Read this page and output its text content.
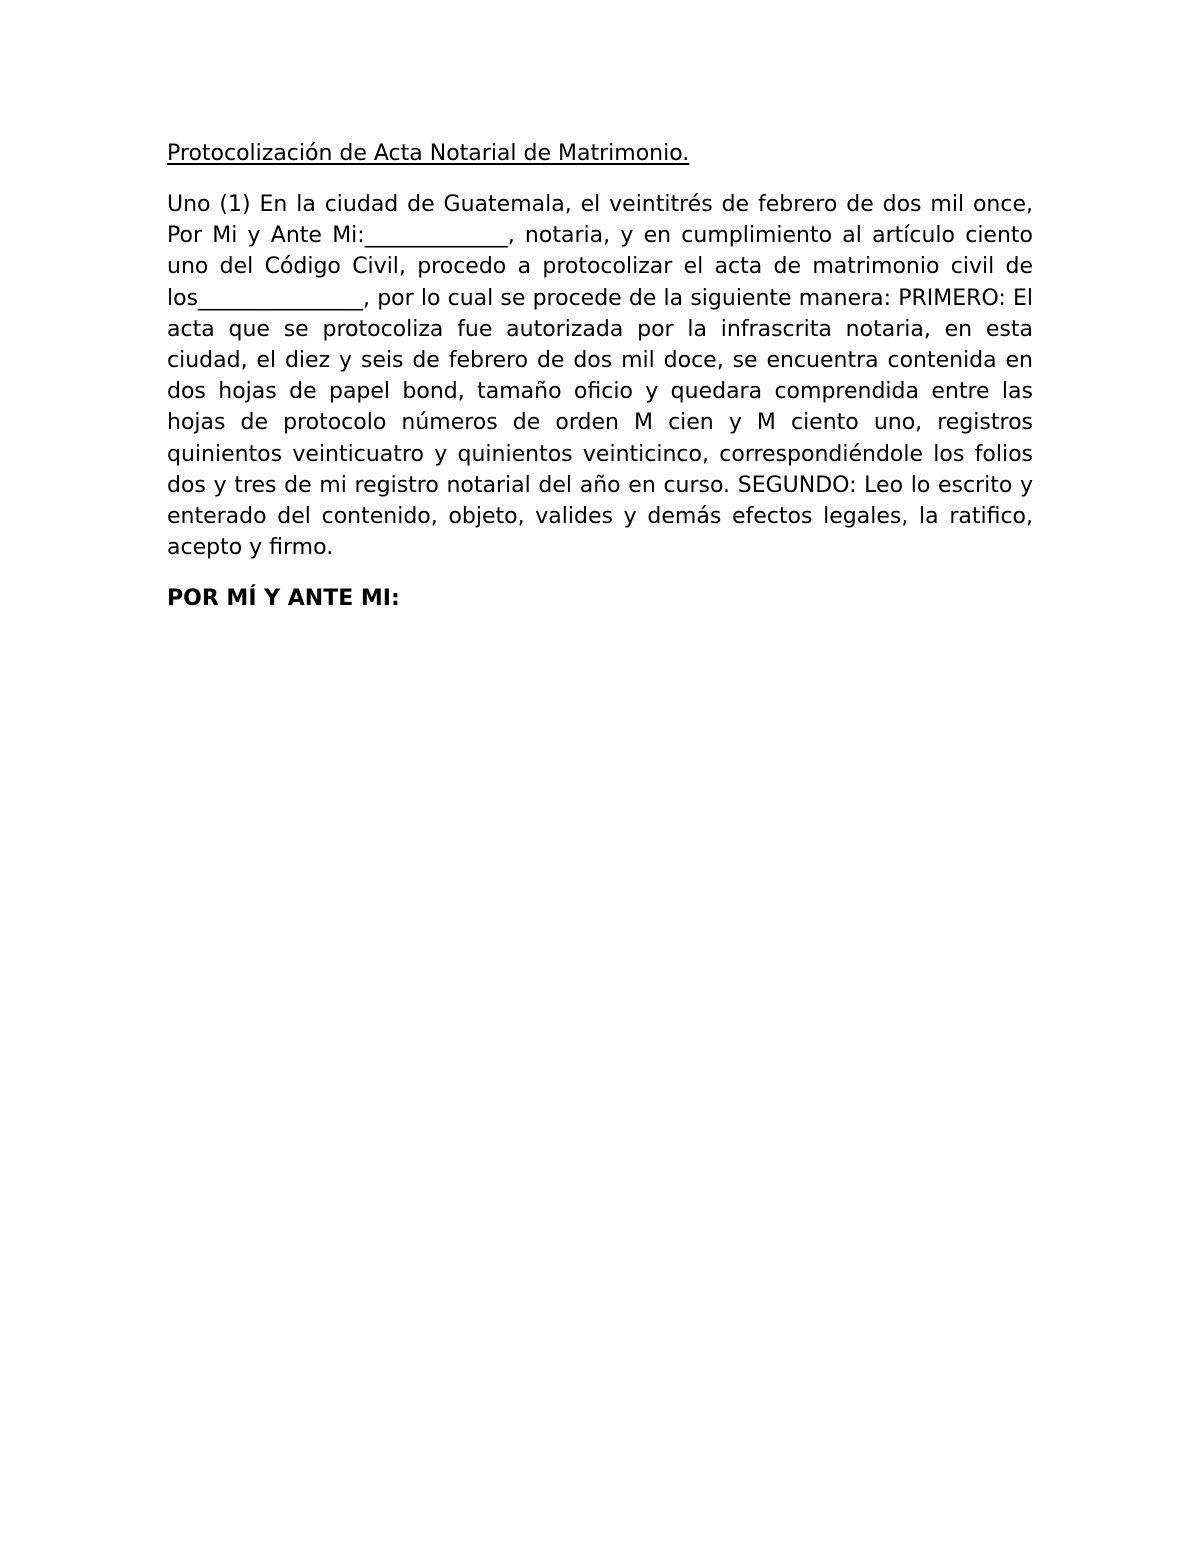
Protocolización de Acta Notarial de Matrimonio.

Uno (1) En la ciudad de Guatemala, el veintitrés de febrero de dos mil once, Por Mi y Ante Mi:_____________, notaria, y en cumplimiento al artículo ciento uno del Código Civil, procedo a protocolizar el acta de matrimonio civil de los_______________, por lo cual se procede de la siguiente manera: PRIMERO: El acta que se protocoliza fue autorizada por la infrascrita notaria, en esta ciudad, el diez y seis de febrero de dos mil doce, se encuentra contenida en dos hojas de papel bond, tamaño oficio y quedara comprendida entre las hojas de protocolo números de orden M cien y M ciento uno, registros quinientos veinticuatro y quinientos veinticinco, correspondiéndole los folios dos y tres de mi registro notarial del año en curso. SEGUNDO: Leo lo escrito y enterado del contenido, objeto, valides y demás efectos legales, la ratifico, acepto y firmo.

POR MÍ Y ANTE MI:
